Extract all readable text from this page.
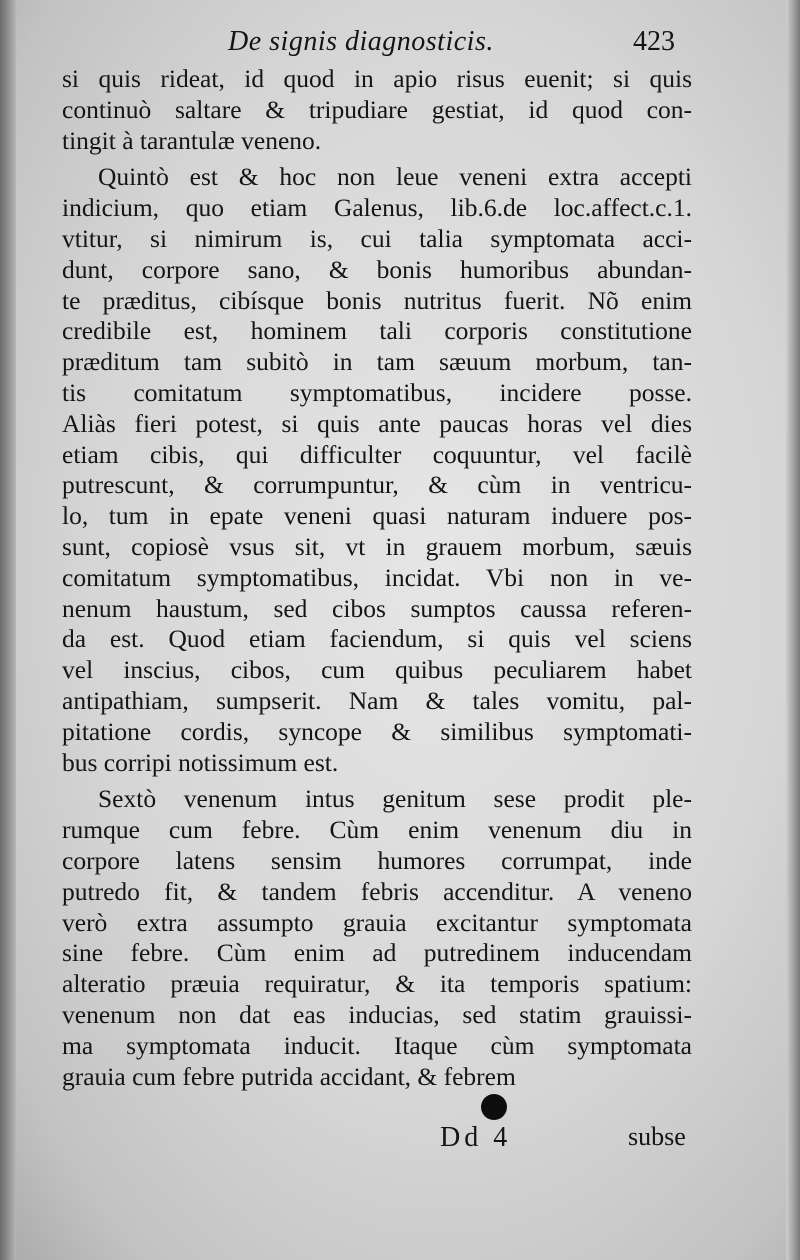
De signis diagnosticis.	423
si quis rideat, id quod in apio risus euenit; si quis
continuò saltare & tripudiare gestiat, id quod con-
tingit à tarantulæ veneno.
Quintò est & hoc non leue veneni extra accepti
indicium, quo etiam Galenus, lib.6.de loc.affect.c.1.
vtitur, si nimirum is, cui talia symptomata acci-
dunt, corpore sano, & bonis humoribus abundan-
te præditus, cibísque bonis nutritus fuerit. Nõ enim
credibile est, hominem tali corporis constitutione
præditum tam subitò in tam sæuum morbum, tan-
tis comitatum symptomatibus, incidere posse.
Aliàs fieri potest, si quis ante paucas horas vel dies
etiam cibis, qui difficulter coquuntur, vel facilè
putrescunt, & corrumpuntur, & cùm in ventricu-
lo, tum in epate veneni quasi naturam induere pos-
sunt, copiosè vsus sit, vt in grauem morbum, sæuis
comitatum symptomatibus, incidat. Vbi non in ve-
nenum haustum, sed cibos sumptos caussa referen-
da est. Quod etiam faciendum, si quis vel sciens
vel inscius, cibos, cum quibus peculiarem habet
antipathiam, sumpserit. Nam & tales vomitu, pal-
pitatione cordis, syncope & similibus symptomati-
bus corripi notissimum est.
Sextò venenum intus genitum sese prodit ple-
rumque cum febre. Cùm enim venenum diu in
corpore latens sensim humores corrumpat, inde
putredo fit, & tandem febris accenditur. A veneno
verò extra assumpto grauia excitantur symptomata
sine febre. Cùm enim ad putredinem inducendam
alteratio præuia requiratur, & ita temporis spatium:
venenum non dat eas inducias, sed statim grauissi-
ma symptomata inducit. Itaque cùm symptomata
grauia cum febre putrida accidant, & febrem
Dd 4	subse
